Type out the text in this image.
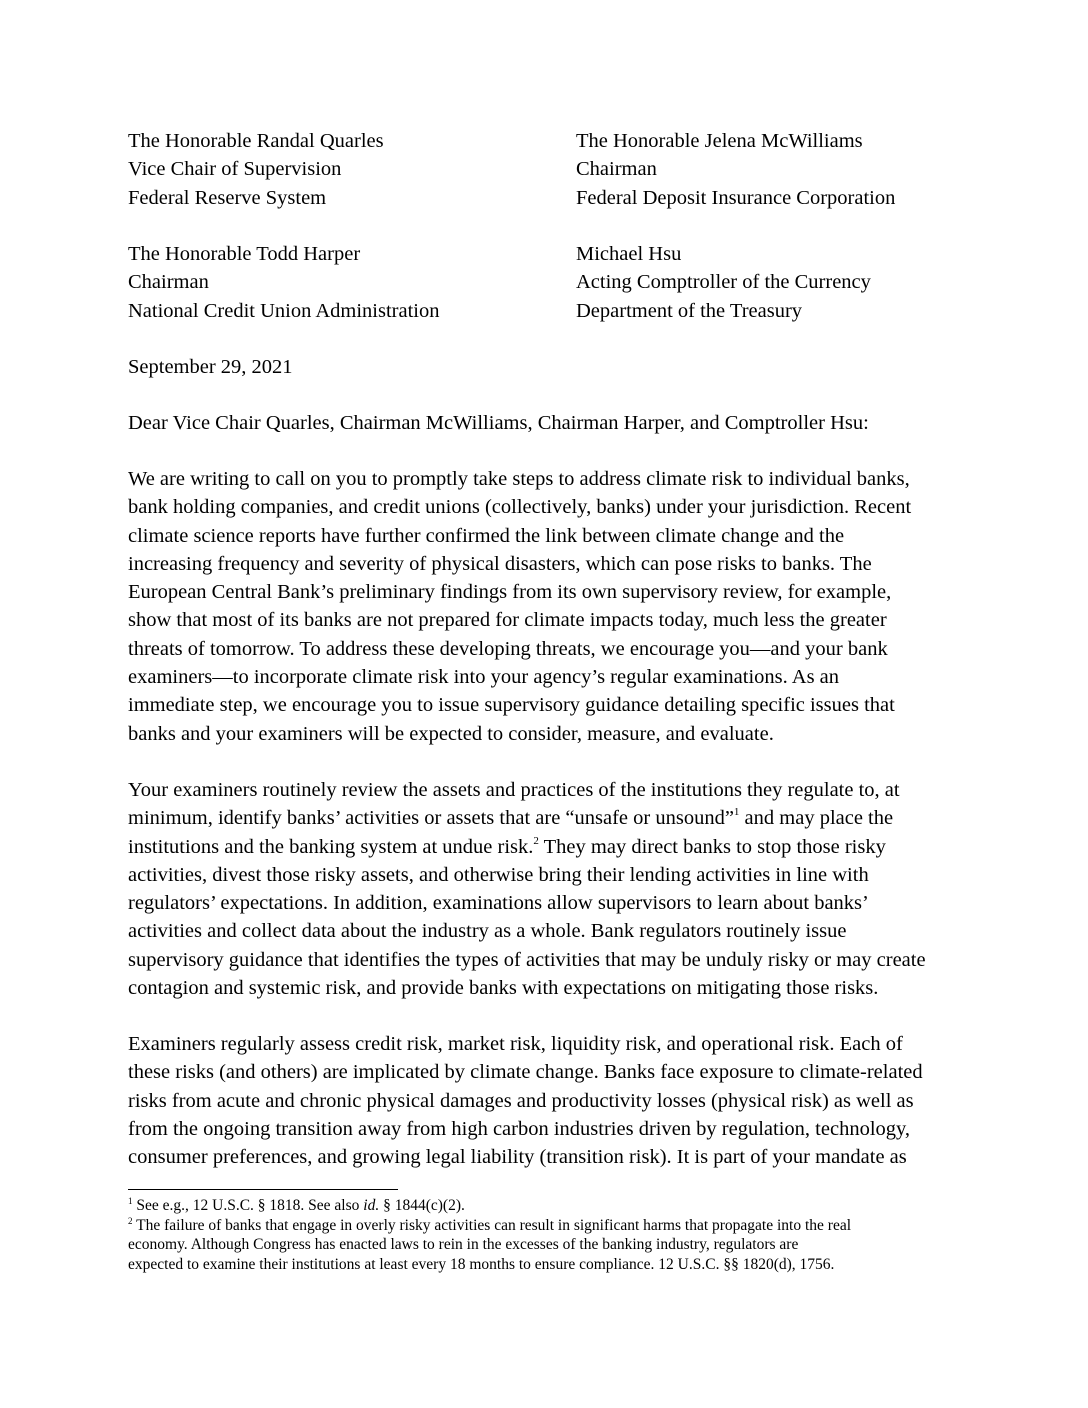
The Honorable Randal Quarles
Vice Chair of Supervision
Federal Reserve System
The Honorable Jelena McWilliams
Chairman
Federal Deposit Insurance Corporation
The Honorable Todd Harper
Chairman
National Credit Union Administration
Michael Hsu
Acting Comptroller of the Currency
Department of the Treasury
September 29, 2021
Dear Vice Chair Quarles, Chairman McWilliams, Chairman Harper, and Comptroller Hsu:
We are writing to call on you to promptly take steps to address climate risk to individual banks,
bank holding companies, and credit unions (collectively, banks) under your jurisdiction. Recent
climate science reports have further confirmed the link between climate change and the
increasing frequency and severity of physical disasters, which can pose risks to banks. The
European Central Bank’s preliminary findings from its own supervisory review, for example,
show that most of its banks are not prepared for climate impacts today, much less the greater
threats of tomorrow. To address these developing threats, we encourage you—and your bank
examiners—to incorporate climate risk into your agency’s regular examinations. As an
immediate step, we encourage you to issue supervisory guidance detailing specific issues that
banks and your examiners will be expected to consider, measure, and evaluate.
Your examiners routinely review the assets and practices of the institutions they regulate to, at
minimum, identify banks’ activities or assets that are “unsafe or unsound”$^1$ and may place the
institutions and the banking system at undue risk.$^2$ They may direct banks to stop those risky
activities, divest those risky assets, and otherwise bring their lending activities in line with
regulators’ expectations. In addition, examinations allow supervisors to learn about banks’
activities and collect data about the industry as a whole. Bank regulators routinely issue
supervisory guidance that identifies the types of activities that may be unduly risky or may create
contagion and systemic risk, and provide banks with expectations on mitigating those risks.
Examiners regularly assess credit risk, market risk, liquidity risk, and operational risk. Each of
these risks (and others) are implicated by climate change. Banks face exposure to climate-related
risks from acute and chronic physical damages and productivity losses (physical risk) as well as
from the ongoing transition away from high carbon industries driven by regulation, technology,
consumer preferences, and growing legal liability (transition risk). It is part of your mandate as
$^1$ See e.g., 12 U.S.C. § 1818. See also id. § 1844(c)(2).
$^2$ The failure of banks that engage in overly risky activities can result in significant harms that propagate into the real
economy. Although Congress has enacted laws to rein in the excesses of the banking industry, regulators are
expected to examine their institutions at least every 18 months to ensure compliance. 12 U.S.C. §§ 1820(d), 1756.
